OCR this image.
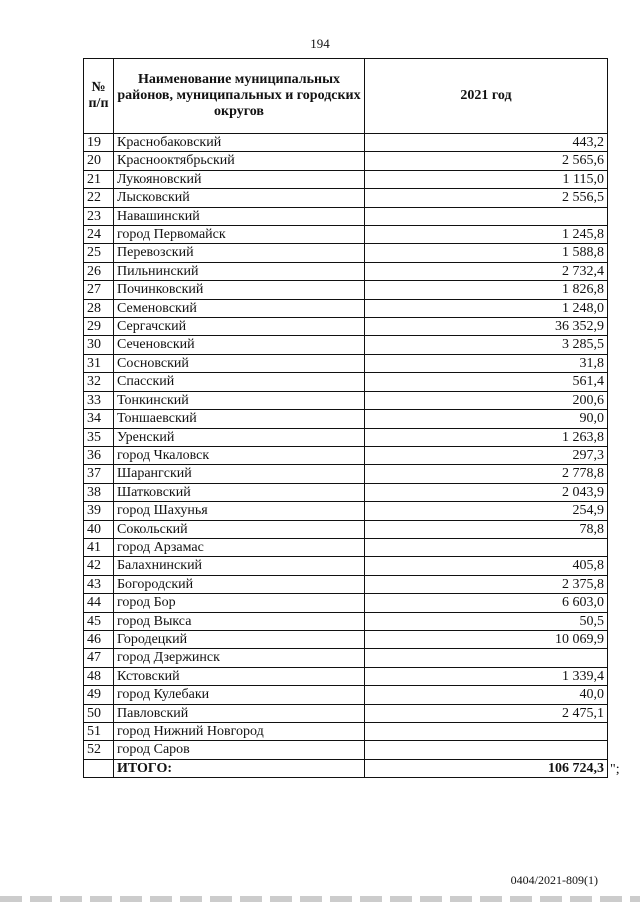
194
№ п/п	Наименование муниципальных районов, муниципальных и городских округов	2021 год
19	Краснобаковский	443,2
20	Краснооктябрьский	2 565,6
21	Лукояновский	1 115,0
22	Лысковский	2 556,5
23	Навашинский	
24	город Первомайск	1 245,8
25	Перевозский	1 588,8
26	Пильнинский	2 732,4
27	Починковский	1 826,8
28	Семеновский	1 248,0
29	Сергачский	36 352,9
30	Сеченовский	3 285,5
31	Сосновский	31,8
32	Спасский	561,4
33	Тонкинский	200,6
34	Тоншаевский	90,0
35	Уренский	1 263,8
36	город Чкаловск	297,3
37	Шарангский	2 778,8
38	Шатковский	2 043,9
39	город Шахунья	254,9
40	Сокольский	78,8
41	город Арзамас	
42	Балахнинский	405,8
43	Богородский	2 375,8
44	город Бор	6 603,0
45	город Выкса	50,5
46	Городецкий	10 069,9
47	город Дзержинск	
48	Кстовский	1 339,4
49	город Кулебаки	40,0
50	Павловский	2 475,1
51	город Нижний Новгород	
52	город Саров	
	ИТОГО:	106 724,3 ";
0404/2021-809(1)
